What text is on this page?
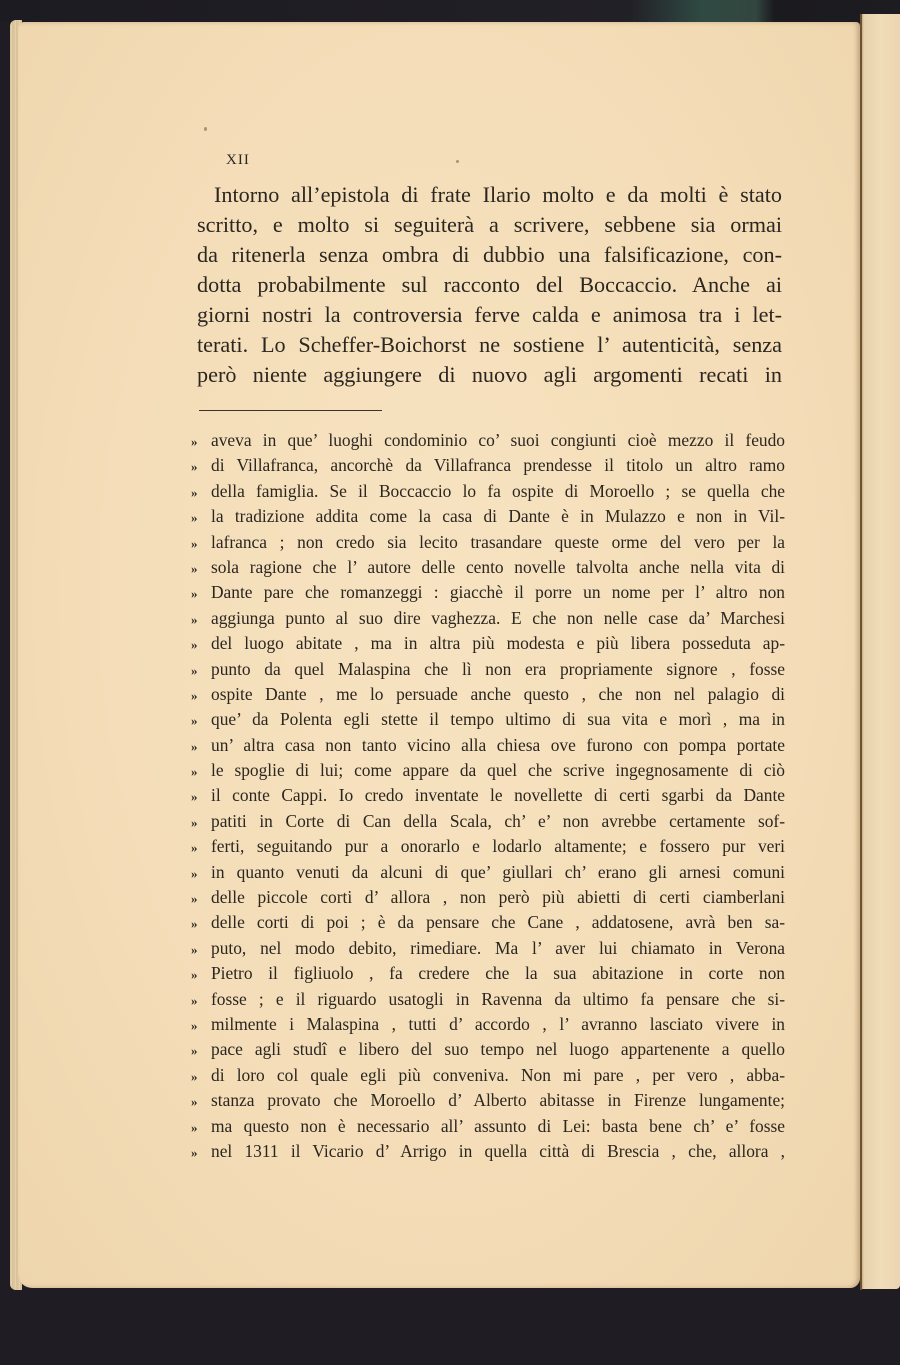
XII
Intorno all’epistola di frate Ilario molto e da molti è stato
scritto, e molto si seguiterà a scrivere, sebbene sia ormai
da ritenerla senza ombra di dubbio una falsificazione, con-
dotta probabilmente sul racconto del Boccaccio. Anche ai
giorni nostri la controversia ferve calda e animosa tra i let-
terati. Lo Scheffer-Boichorst ne sostiene l’ autenticità, senza
però niente aggiungere di nuovo agli argomenti recati in
» aveva in que’ luoghi condominio co’ suoi congiunti cioè mezzo il feudo
» di Villafranca, ancorchè da Villafranca prendesse il titolo un altro ramo
» della famiglia. Se il Boccaccio lo fa ospite di Moroello ; se quella che
» la tradizione addita come la casa di Dante è in Mulazzo e non in Vil-
» lafranca ; non credo sia lecito trasandare queste orme del vero per la
» sola ragione che l’ autore delle cento novelle talvolta anche nella vita di
» Dante pare che romanzeggi : giacchè il porre un nome per l’ altro non
» aggiunga punto al suo dire vaghezza. E che non nelle case da’ Marchesi
» del luogo abitate , ma in altra più modesta e più libera posseduta ap-
» punto da quel Malaspina che lì non era propriamente signore , fosse
» ospite Dante , me lo persuade anche questo , che non nel palagio di
» que’ da Polenta egli stette il tempo ultimo di sua vita e morì , ma in
» un’ altra casa non tanto vicino alla chiesa ove furono con pompa portate
» le spoglie di lui; come appare da quel che scrive ingegnosamente di ciò
» il conte Cappi. Io credo inventate le novellette di certi sgarbi da Dante
» patiti in Corte di Can della Scala, ch’ e’ non avrebbe certamente sof-
» ferti, seguitando pur a onorarlo e lodarlo altamente; e fossero pur veri
» in quanto venuti da alcuni di que’ giullari ch’ erano gli arnesi comuni
» delle piccole corti d’ allora , non però più abietti di certi ciamberlani
» delle corti di poi ; è da pensare che Cane , addatosene, avrà ben sa-
» puto, nel modo debito, rimediare. Ma l’ aver lui chiamato in Verona
» Pietro il figliuolo , fa credere che la sua abitazione in corte non
» fosse ; e il riguardo usatogli in Ravenna da ultimo fa pensare che si-
» milmente i Malaspina , tutti d’ accordo , l’ avranno lasciato vivere in
» pace agli studî e libero del suo tempo nel luogo appartenente a quello
» di loro col quale egli più conveniva. Non mi pare , per vero , abba-
» stanza provato che Moroello d’ Alberto abitasse in Firenze lungamente;
» ma questo non è necessario all’ assunto di Lei: basta bene ch’ e’ fosse
» nel 1311 il Vicario d’ Arrigo in quella città di Brescia , che, allora ,
